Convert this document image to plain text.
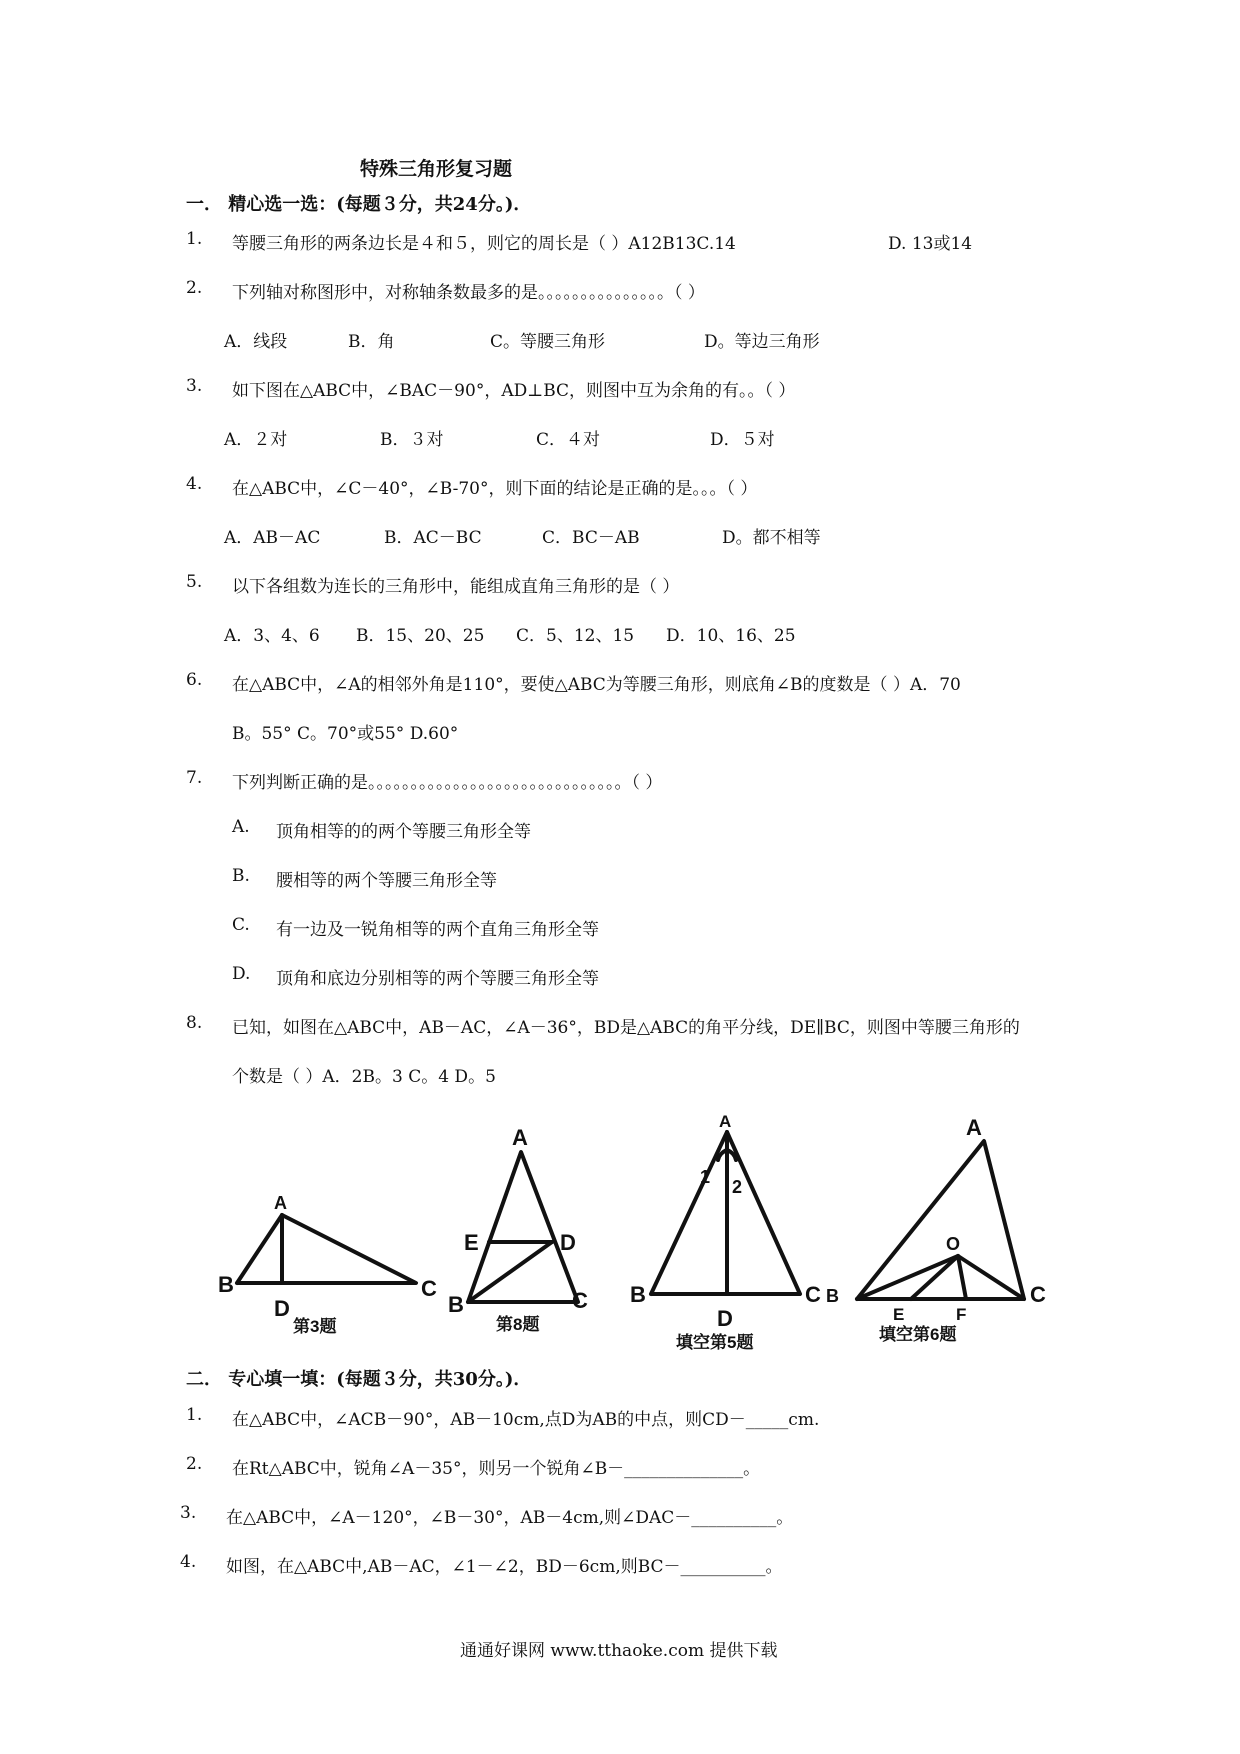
特殊三角形复习题
一． 精心选一选：(每题３分，共24分。)．
1. 等腰三角形的两条边长是４和５，则它的周长是（ ）A12B13C.14	D. 13或14
2. 下列轴对称图形中，对称轴条数最多的是。。。。。。。。。。。。。。。（ ）
A．线段	B．角	C。等腰三角形	D。等边三角形
3. 如下图在△ABC中，∠BAC－90°，AD⊥BC，则图中互为余角的有。。（ ）
A．２对	B．３对	C．４对	D．５对
4. 在△ABC中，∠C－40°，∠B-70°，则下面的结论是正确的是。。。（ ）
A．AB－AC	B．AC－BC	C．BC－AB	D。都不相等
5. 以下各组数为连长的三角形中，能组成直角三角形的是（ ）
A．3、4、6 B．15、20、25 C．5、12、15 D．10、16、25
6. 在△ABC中，∠A的相邻外角是110°，要使△ABC为等腰三角形，则底角∠B的度数是（ ）A．70
B。55° C。70°或55° D.60°
7. 下列判断正确的是。。。。。。。。。。。。。。。。。。。。。。。。。。。。。。（ ）
A. 顶角相等的的两个等腰三角形全等
B. 腰相等的两个等腰三角形全等
C. 有一边及一锐角相等的两个直角三角形全等
D. 顶角和底边分别相等的两个等腰三角形全等
8. 已知，如图在△ABC中，AB－AC，∠A－36°，BD是△ABC的角平分线，DE∥BC，则图中等腰三角形的
个数是（ ）A．2B。3 C。4 D。5
A
B	C
D
第3题
A
E	D
B	C
第8题
A
1 2
B	C
D
填空第5题
A
O
B	C
E	F
填空第6题
二． 专心填一填：(每题３分，共30分。)．
1. 在△ABC中，∠ACB－90°，AB－10cm,点D为AB的中点，则CD－_____cm.
2. 在Rt△ABC中，锐角∠A－35°，则另一个锐角∠B－______________。
3. 在△ABC中，∠A－120°，∠B－30°，AB－4cm,则∠DAC－__________。
4. 如图，在△ABC中,AB－AC，∠1－∠2，BD－6cm,则BC－__________。
通通好课网 www.tthaoke.com 提供下载
